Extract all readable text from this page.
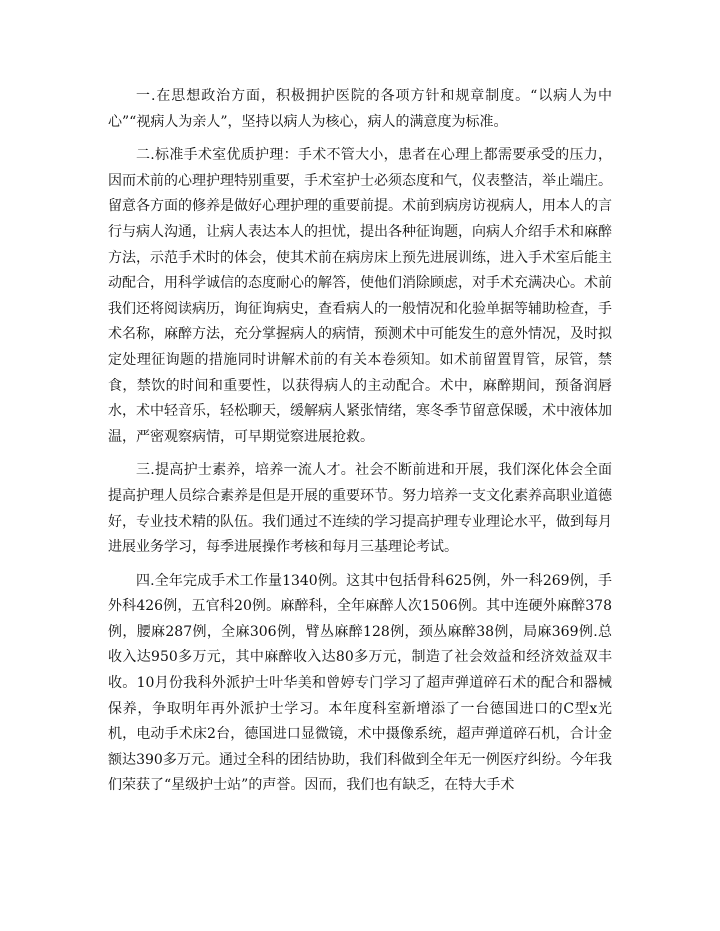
一.在思想政治方面，积极拥护医院的各项方针和规章制度。“以病人为中心”“视病人为亲人”，坚持以病人为核心，病人的满意度为标准。

二.标准手术室优质护理：手术不管大小，患者在心理上都需要承受的压力，因而术前的心理护理特别重要，手术室护士必须态度和气，仪表整洁，举止端庄。留意各方面的修养是做好心理护理的重要前提。术前到病房访视病人，用本人的言行与病人沟通，让病人表达本人的担忧，提出各种征询题，向病人介绍手术和麻醉方法，示范手术时的体会，使其术前在病房床上预先进展训练，进入手术室后能主动配合，用科学诚信的态度耐心的解答，使他们消除顾虑，对手术充满决心。术前我们还将阅读病历，询征询病史，查看病人的一般情况和化验单据等辅助检查，手术名称，麻醉方法，充分掌握病人的病情，预测术中可能发生的意外情况，及时拟定处理征询题的措施同时讲解术前的有关本卷须知。如术前留置胃管，尿管，禁食，禁饮的时间和重要性，以获得病人的主动配合。术中，麻醉期间，预备润唇水，术中轻音乐，轻松聊天，缓解病人紧张情绪，寒冬季节留意保暖，术中液体加温，严密观察病情，可早期觉察进展抢救。

三.提高护士素养，培养一流人才。社会不断前进和开展，我们深化体会全面提高护理人员综合素养是但是开展的重要环节。努力培养一支文化素养高职业道德好，专业技术精的队伍。我们通过不连续的学习提高护理专业理论水平，做到每月进展业务学习，每季进展操作考核和每月三基理论考试。

四.全年完成手术工作量1340例。这其中包括骨科625例，外一科269例，手外科426例，五官科20例。麻醉科，全年麻醉人次1506例。其中连硬外麻醉378例，腰麻287例，全麻306例，臂丛麻醉128例，颈丛麻醉38例，局麻369例.总收入达950多万元，其中麻醉收入达80多万元，制造了社会效益和经济效益双丰收。10月份我科外派护士叶华美和曾婷专门学习了超声弹道碎石术的配合和器械保养，争取明年再外派护士学习。本年度科室新增添了一台德国进口的C型x光机，电动手术床2台，德国进口显微镜，术中摄像系统，超声弹道碎石机，合计金额达390多万元。通过全科的团结协助，我们科做到全年无一例医疗纠纷。今年我们荣获了“星级护士站”的声誉。因而，我们也有缺乏，在特大手术
